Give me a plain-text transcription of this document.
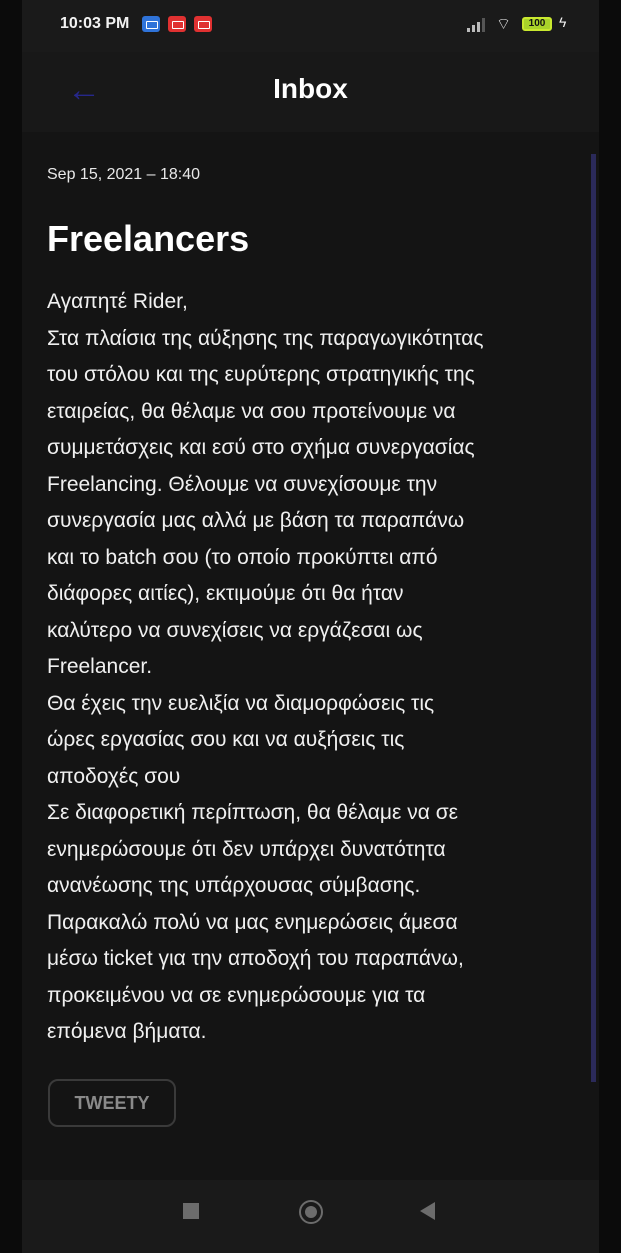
10:03 PM	⌔	100 ϟ
←	Inbox
Sep 15, 2021 – 18:40
Freelancers
Αγαπητέ Rider,
Στα πλαίσια της αύξησης της παραγωγικότητας
του στόλου και της ευρύτερης στρατηγικής της
εταιρείας, θα θέλαμε να σου προτείνουμε να
συμμετάσχεις και εσύ στο σχήμα συνεργασίας
Freelancing. Θέλουμε να συνεχίσουμε την
συνεργασία μας αλλά με βάση τα παραπάνω
και το batch σου (το οποίο προκύπτει από
διάφορες αιτίες), εκτιμούμε ότι θα ήταν
καλύτερο να συνεχίσεις να εργάζεσαι ως
Freelancer.
Θα έχεις την ευελιξία να διαμορφώσεις τις
ώρες εργασίας σου και να αυξήσεις τις
αποδοχές σου
Σε διαφορετική περίπτωση, θα θέλαμε να σε
ενημερώσουμε ότι δεν υπάρχει δυνατότητα
ανανέωσης της υπάρχουσας σύμβασης.
Παρακαλώ πολύ να μας ενημερώσεις άμεσα
μέσω ticket για την αποδοχή του παραπάνω,
προκειμένου να σε ενημερώσουμε για τα
επόμενα βήματα.
TWEETY
